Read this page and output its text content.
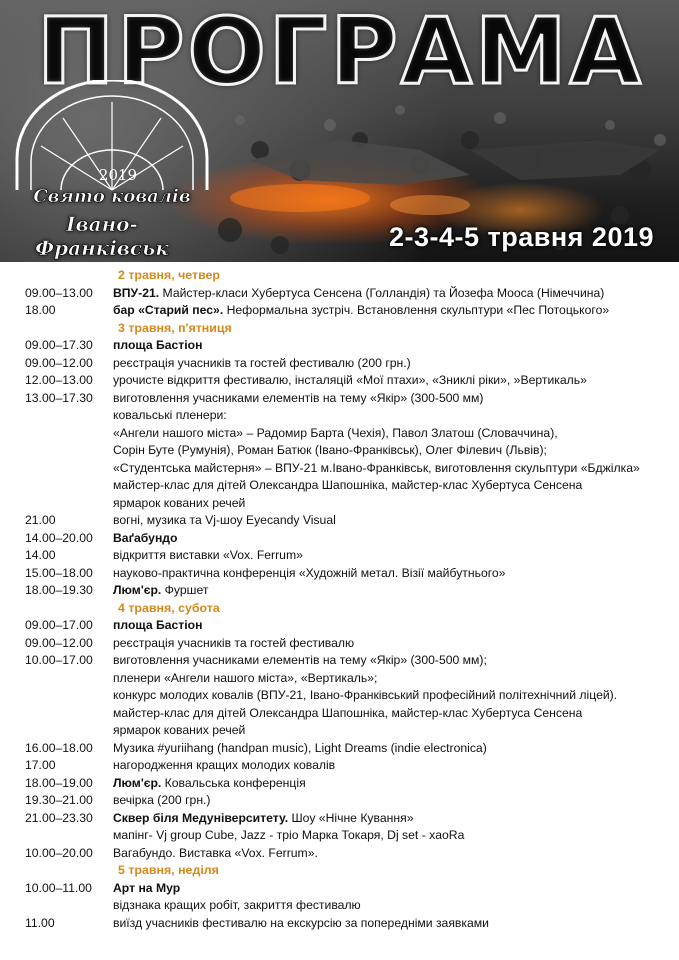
ПРОГРАМА
2019
Свято ковалів
Івано-Франківськ	2-3-4-5 травня 2019
2 травня, четвер
09.00–13.00	ВПУ-21. Майстер-класи Хубертуса Сенсена (Голландія) та Йозефа Мооса (Німеччина)
18.00	бар «Старий пес». Неформальна зустріч. Встановлення скульптури «Пес Потоцького»
3 травня, п'ятниця
09.00–17.30	площа Бастіон
09.00–12.00	реєстрація учасників та гостей фестивалю (200 грн.)
12.00–13.00	урочисте відкриття фестивалю, інсталяцій «Мої птахи», «Зниклі ріки», »Вертикаль»
13.00–17.30	виготовлення учасниками елементів на тему «Якір» (300-500 мм)
ковальські пленери:
«Ангели нашого міста» – Радомир Барта (Чехія), Павол Златош (Словаччина),
Сорін Буте (Румунія), Роман Батюк (Івано-Франківськ), Олег Філевич (Львів);
«Студентська майстерня» – ВПУ-21 м.Івано-Франківськ, виготовлення скульптури «Бджілка»
майстер-клас для дітей Олександра Шапошніка, майстер-клас Хубертуса Сенсена
ярмарок кованих речей
21.00	вогні, музика та Vj-шоу Eyecandy Visual
14.00–20.00	Ваґабундо
14.00	відкриття виставки «Vox. Ferrum»
15.00–18.00	науково-практична конференція «Художній метал. Візії майбутнього»
18.00–19.30	Люм'єр. Фуршет
4 травня, субота
09.00–17.00	площа Бастіон
09.00–12.00	реєстрація учасників та гостей фестивалю
10.00–17.00	виготовлення учасниками елементів на тему «Якір» (300-500 мм);
пленери «Ангели нашого міста», «Вертикаль»;
конкурс молодих ковалів (ВПУ-21, Івано-Франківський професійний політехнічний ліцей).
майстер-клас для дітей Олександра Шапошніка, майстер-клас Хубертуса Сенсена
ярмарок кованих речей
16.00–18.00	Музика #yuriihang (handpan music), Light Dreams (indie electronica)
17.00	нагородження кращих молодих ковалів
18.00–19.00	Люм'єр. Ковальська конференція
19.30–21.00	вечірка (200 грн.)
21.00–23.30	Сквер біля Медуніверситету. Шоу «Нічне Кування»
мапінг- Vj group Cube, Jazz - тріо Марка Токаря, Dj set - xaoRa
10.00–20.00	Вагабундо. Виставка «Vox. Ferrum».
5 травня, неділя
10.00–11.00	Арт на Мур
відзнака кращих робіт, закриття фестивалю
11.00	виїзд учасників фестивалю на екскурсію за попередніми заявками
